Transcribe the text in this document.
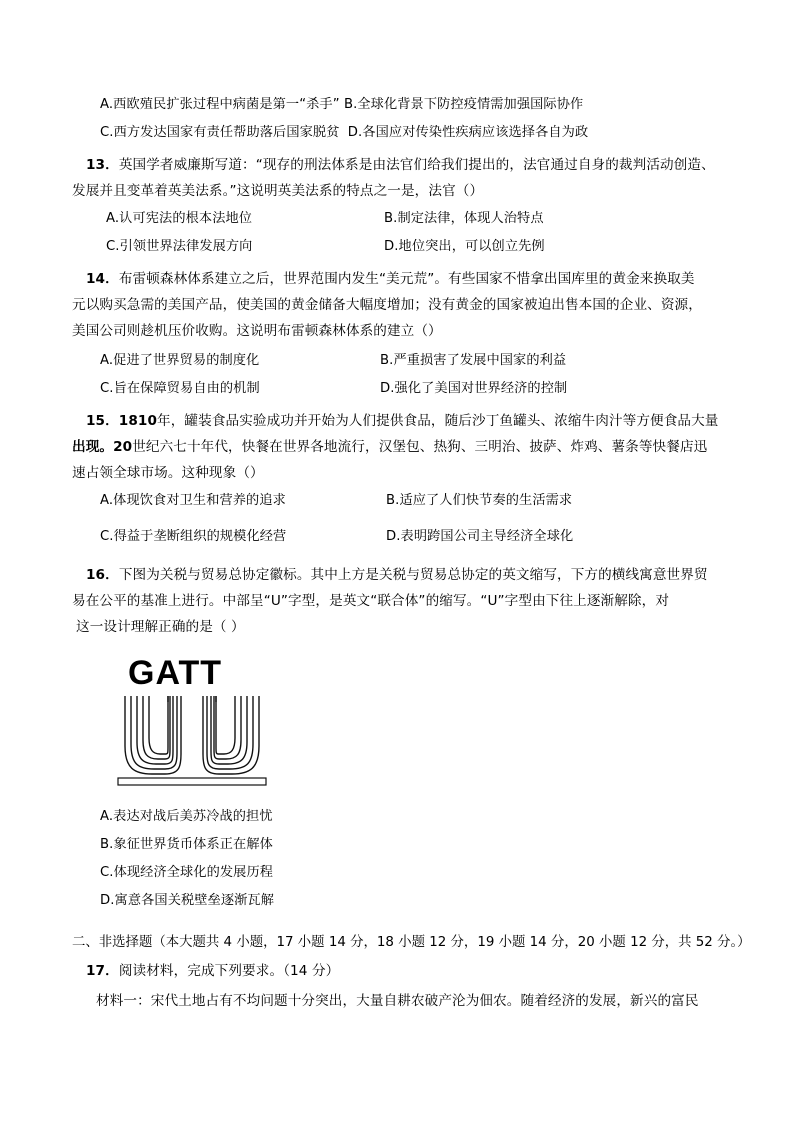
A.西欧殖民扩张过程中病菌是第一“杀手” B.全球化背景下防控疫情需加强国际协作
C.西方发达国家有责任帮助落后国家脱贫 D.各国应对传染性疾病应该选择各自为政
13．英国学者威廉斯写道：“现存的刑法体系是由法官们给我们提出的，法官通过自身的裁判活动创造、
发展并且变革着英美法系。”这说明英美法系的特点之一是，法官（）
A.认可宪法的根本法地位	B.制定法律，体现人治特点
C.引领世界法律发展方向	D.地位突出，可以创立先例
14．布雷顿森林体系建立之后，世界范围内发生“美元荒”。有些国家不惜拿出国库里的黄金来换取美
元以购买急需的美国产品，使美国的黄金储备大幅度增加；没有黄金的国家被迫出售本国的企业、资源，
美国公司则趁机压价收购。这说明布雷顿森林体系的建立（）
A.促进了世界贸易的制度化	B.严重损害了发展中国家的利益
C.旨在保障贸易自由的机制	D.强化了美国对世界经济的控制
15．1810年，罐装食品实验成功并开始为人们提供食品，随后沙丁鱼罐头、浓缩牛肉汁等方便食品大量
出现。20世纪六七十年代，快餐在世界各地流行，汉堡包、热狗、三明治、披萨、炸鸡、薯条等快餐店迅
速占领全球市场。这种现象（）
A.体现饮食对卫生和营养的追求	B.适应了人们快节奏的生活需求
C.得益于垄断组织的规模化经营	D.表明跨国公司主导经济全球化
16．下图为关税与贸易总协定徽标。其中上方是关税与贸易总协定的英文缩写，下方的横线寓意世界贸
易在公平的基准上进行。中部呈“U”字型，是英文“联合体”的缩写。“U”字型由下往上逐渐解除，对
这一设计理解正确的是（ ）
GATT
A.表达对战后美苏冷战的担忧
B.象征世界货币体系正在解体
C.体现经济全球化的发展历程
D.寓意各国关税壁垒逐渐瓦解
二、非选择题（本大题共 4 小题，17 小题 14 分，18 小题 12 分，19 小题 14 分，20 小题 12 分，共 52 分。）
17．阅读材料，完成下列要求。（14 分）
材料一：宋代土地占有不均问题十分突出，大量自耕农破产沦为佃农。随着经济的发展，新兴的富民
